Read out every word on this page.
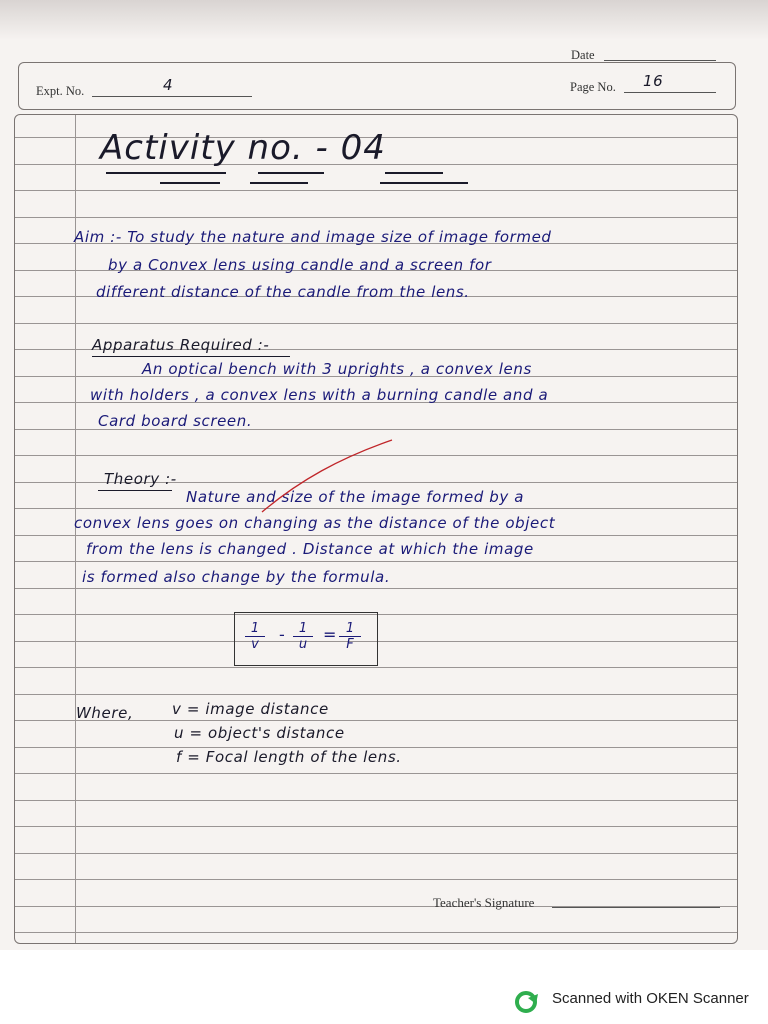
Date
Expt. No.	4	Page No. 16
Activity no. - 04
Aim :- To study the nature and image size of image formed
by a Convex lens using candle and a screen for
different distance of the candle from the lens.
Apparatus Required :-
An optical bench with 3 uprights , a convex lens
with holders , a convex lens with a burning candle and a
Card board screen.
Theory :-
Nature and size of the image formed by a
convex lens goes on changing as the distance of the object
from the lens is changed . Distance at which the image
is formed also change by the formula.
$\frac{1}{v} - \frac{1}{u} = \frac{1}{F}$
Where,	v = image distance
u = object's distance
f = Focal length of the lens.
Teacher's Signature
Scanned with OKEN Scanner
